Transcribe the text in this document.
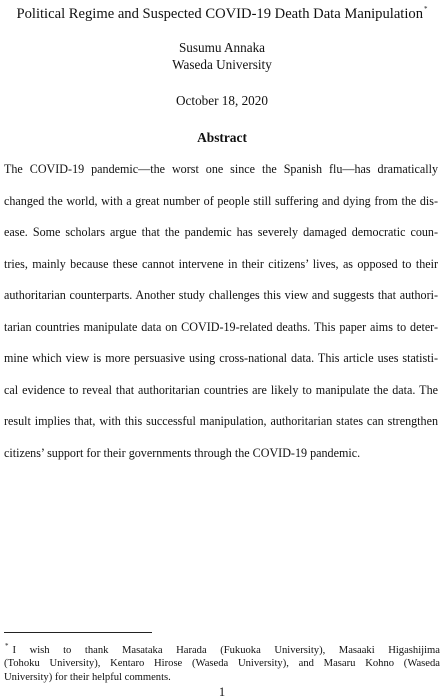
Political Regime and Suspected COVID-19 Death Data Manipulation*
Susumu Annaka
Waseda University
October 18, 2020
Abstract
The COVID-19 pandemic—the worst one since the Spanish flu—has dramatically
changed the world, with a great number of people still suffering and dying from the dis-
ease. Some scholars argue that the pandemic has severely damaged democratic coun-
tries, mainly because these cannot intervene in their citizens’ lives, as opposed to their
authoritarian counterparts. Another study challenges this view and suggests that authori-
tarian countries manipulate data on COVID-19-related deaths. This paper aims to deter-
mine which view is more persuasive using cross-national data. This article uses statisti-
cal evidence to reveal that authoritarian countries are likely to manipulate the data. The
result implies that, with this successful manipulation, authoritarian states can strengthen
citizens’ support for their governments through the COVID-19 pandemic.
* I wish to thank Masataka Harada (Fukuoka University), Masaaki Higashijima
(Tohoku University), Kentaro Hirose (Waseda University), and Masaru Kohno (Waseda
University) for their helpful comments.
1
